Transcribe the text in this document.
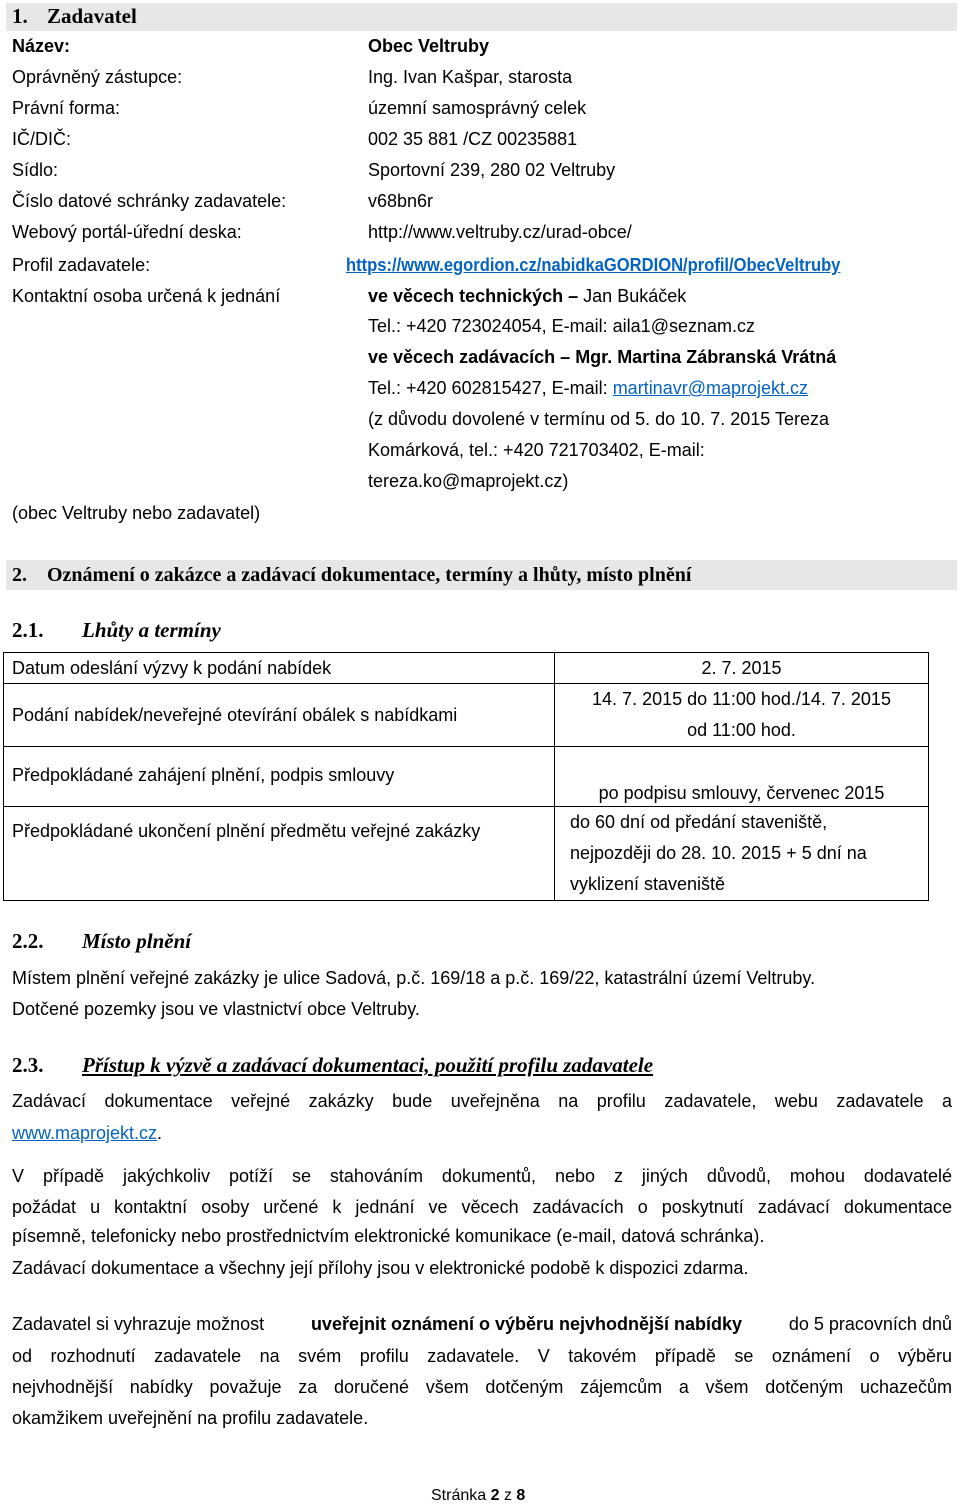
1. Zadavatel
Název:	Obec Veltruby
Oprávněný zástupce:	Ing. Ivan Kašpar, starosta
Právní forma:	územní samosprávný celek
IČ/DIČ:	002 35 881 /CZ 00235881
Sídlo:	Sportovní 239, 280 02 Veltruby
Číslo datové schránky zadavatele:	v68bn6r
Webový portál-úřední deska:	http://www.veltruby.cz/urad-obce/
Profil zadavatele:	https://www.egordion.cz/nabidkaGORDION/profil/ObecVeltruby
Kontaktní osoba určená k jednání	ve věcech technických – Jan Bukáček
Tel.: +420 723024054, E-mail: aila1@seznam.cz
ve věcech zadávacích – Mgr. Martina Zábranská Vrátná
Tel.: +420 602815427, E-mail: martinavr@maprojekt.cz
(z důvodu dovolené v termínu od 5. do 10. 7. 2015 Tereza
Komárková, tel.: +420 721703402, E-mail:
tereza.ko@maprojekt.cz)
(obec Veltruby nebo zadavatel)
2. Oznámení o zakázce a zadávací dokumentace, termíny a lhůty, místo plnění
2.1. Lhůty a termíny
Datum odeslání výzvy k podání nabídek	2. 7. 2015
Podání nabídek/neveřejné otevírání obálek s nabídkami	14. 7. 2015 do 11:00 hod./14. 7. 2015
od 11:00 hod.

Předpokládané zahájení plnění, podpis smlouvy	po podpisu smlouvy, červenec 2015
Předpokládané ukončení plnění předmětu veřejné zakázky	do 60 dní od předání staveniště,
nejpozději do 28. 10. 2015 + 5 dní na
vyklizení staveniště
2.2. Místo plnění
Místem plnění veřejné zakázky je ulice Sadová, p.č. 169/18 a p.č. 169/22, katastrální území Veltruby.
Dotčené pozemky jsou ve vlastnictví obce Veltruby.
2.3. Přístup k výzvě a zadávací dokumentaci, použití profilu zadavatele
Zadávací dokumentace veřejné zakázky bude uveřejněna na profilu zadavatele, webu zadavatele a
www.maprojekt.cz.
V případě jakýchkoliv potíží se stahováním dokumentů, nebo z jiných důvodů, mohou dodavatelé
požádat u kontaktní osoby určené k jednání ve věcech zadávacích o poskytnutí zadávací dokumentace
písemně, telefonicky nebo prostřednictvím elektronické komunikace (e-mail, datová schránka).
Zadávací dokumentace a všechny její přílohy jsou v elektronické podobě k dispozici zdarma.
Zadavatel si vyhrazuje možnost uveřejnit oznámení o výběru nejvhodnější nabídky do 5 pracovních dnů
od rozhodnutí zadavatele na svém profilu zadavatele. V takovém případě se oznámení o výběru
nejvhodnější nabídky považuje za doručené všem dotčeným zájemcům a všem dotčeným uchazečům
okamžikem uveřejnění na profilu zadavatele.
Stránka 2 z 8
